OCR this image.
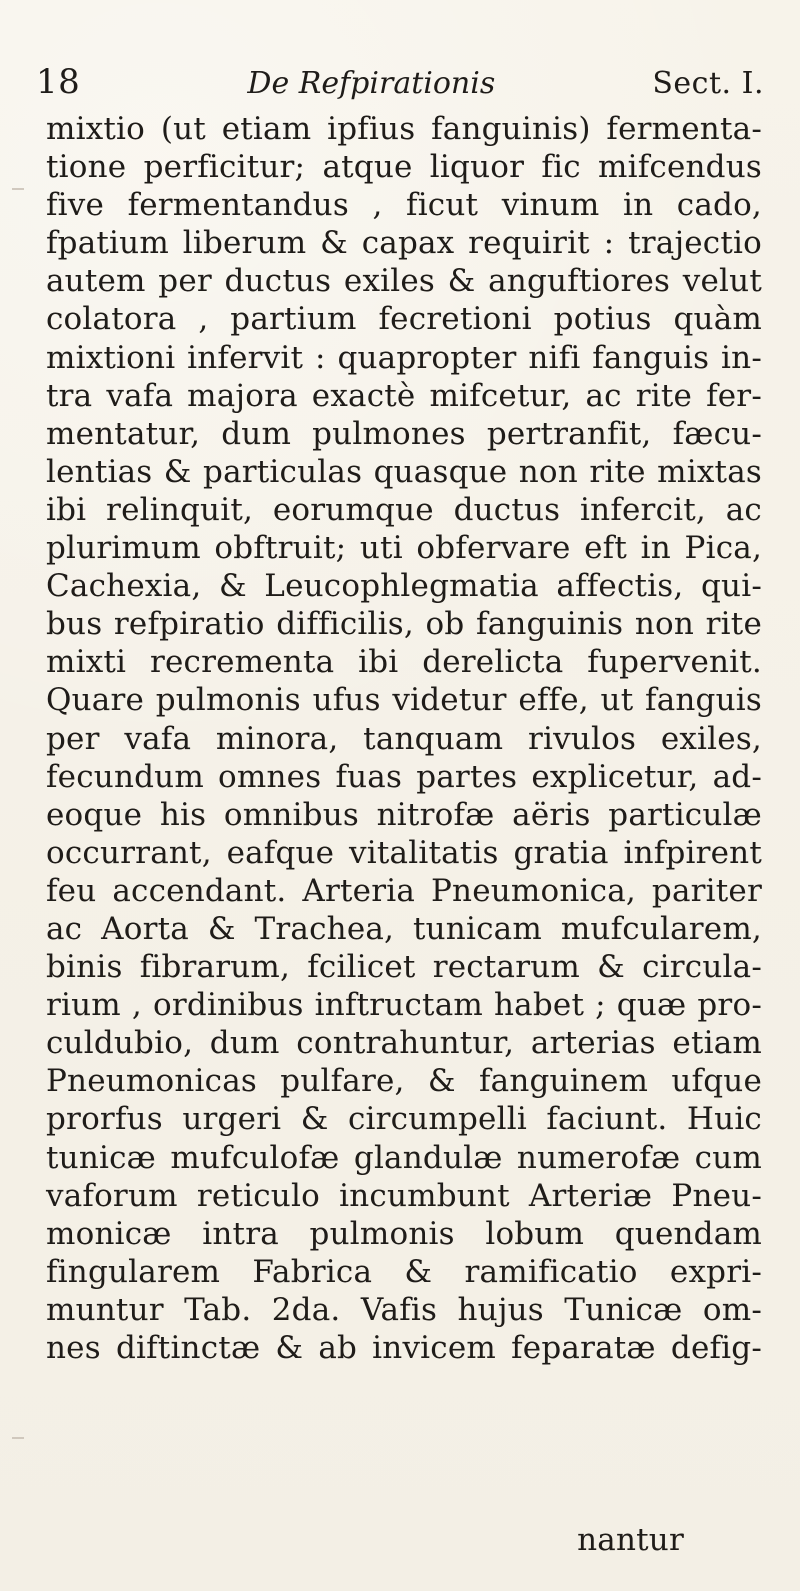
18	De Refpirationis	Sect. I.
mixtio (ut etiam ipfius fanguinis) fermenta-
tione perficitur; atque liquor fic mifcendus
five fermentandus , ficut vinum in cado,
fpatium liberum & capax requirit : trajectio
autem per ductus exiles & anguftiores velut
colatora , partium fecretioni potius quàm
mixtioni infervit : quapropter nifi fanguis in-
tra vafa majora exactè mifcetur, ac rite fer-
mentatur, dum pulmones pertranfit, fæcu-
lentias & particulas quasque non rite mixtas
ibi relinquit, eorumque ductus infercit, ac
plurimum obftruit; uti obfervare eft in Pica,
Cachexia, & Leucophlegmatia affectis, qui-
bus refpiratio difficilis, ob fanguinis non rite
mixti recrementa ibi derelicta fupervenit.
Quare pulmonis ufus videtur effe, ut fanguis
per vafa minora, tanquam rivulos exiles,
fecundum omnes fuas partes explicetur, ad-
eoque his omnibus nitrofæ aëris particulæ
occurrant, eafque vitalitatis gratia infpirent
feu accendant. Arteria Pneumonica, pariter
ac Aorta & Trachea, tunicam mufcularem,
binis fibrarum, fcilicet rectarum & circula-
rium , ordinibus inftructam habet ; quæ pro-
culdubio, dum contrahuntur, arterias etiam
Pneumonicas pulfare, & fanguinem ufque
prorfus urgeri & circumpelli faciunt. Huic
tunicæ mufculofæ glandulæ numerofæ cum
vaforum reticulo incumbunt Arteriæ Pneu-
monicæ intra pulmonis lobum quendam
fingularem Fabrica & ramificatio expri-
muntur Tab. 2da. Vafis hujus Tunicæ om-
nes diftinctæ & ab invicem feparatæ defig-
nantur
